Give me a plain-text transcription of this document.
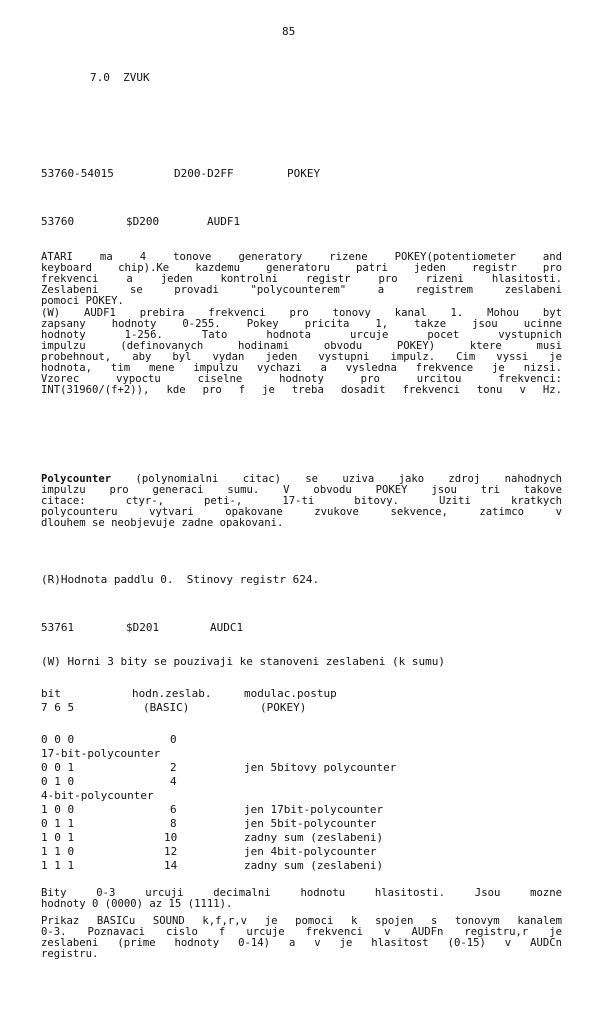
85
7.0  ZVUK
53760-54015	D200-D2FF	POKEY
53760	$D200	AUDF1
ATARI ma 4 tonove generatory rizene POKEY(potentiometer and
keyboard chip).Ke kazdemu generatoru patri jeden registr pro
frekvenci a jeden kontrolni registr pro rizeni hlasitosti.
Zeslabeni se provadi "polycounterem" a registrem zeslabeni
pomoci POKEY.
(W) AUDF1 prebira frekvenci pro tonovy kanal 1. Mohou byt
zapsany hodnoty 0-255. Pokey pricita 1, takze jsou ucinne
hodnoty 1-256. Tato hodnota urcuje pocet vystupnich
impulzu (definovanych hodinami obvodu POKEY) ktere musi
probehnout, aby byl vydan jeden vystupni impulz. Cim vyssi je
hodnota, tim mene impulzu vychazi a vysledna frekvence je nizsi.
Vzorec vypoctu ciselne hodnoty pro urcitou frekvenci:
INT(31960/(f+2)), kde pro f je treba dosadit frekvenci tonu v Hz.
Polycounter (polynomialni citac) se uziva jako zdroj nahodnych
impulzu pro generaci sumu. V obvodu POKEY jsou tri takove
citace: ctyr-, peti-, 17-ti bitovy. Uziti kratkych
polycounteru vytvari opakovane zvukove sekvence, zatimco v
dlouhem se neobjevuje zadne opakovani.
(R)Hodnota paddlu 0.  Stinovy registr 624.
53761	$D201	AUDC1
(W) Horni 3 bity se pouzivaji ke stanoveni zeslabeni (k sumu)
bit	hodn.zeslab.	modulac.postup
7 6 5	(BASIC)	(POKEY)
0 0 0	0
17-bit-polycounter
0 0 1	2	jen 5bitovy polycounter
0 1 0	4
4-bit-polycounter
1 0 0	6	jen 17bit-polycounter
0 1 1	8	jen 5bit-polycounter
1 0 1	10	zadny sum (zeslabeni)
1 1 0	12	jen 4bit-polycounter
1 1 1	14	zadny sum (zeslabeni)
Bity 0-3 urcuji decimalni hodnotu hlasitosti. Jsou mozne
hodnoty 0 (0000) az 15 (1111).
Prikaz BASICu SOUND k,f,r,v je pomoci k spojen s tonovym kanalem
0-3. Poznavaci cislo f urcuje frekvenci v AUDFn registru,r je
zeslabeni (prime hodnoty 0-14) a v je hlasitost (0-15) v AUDCn
registru.
